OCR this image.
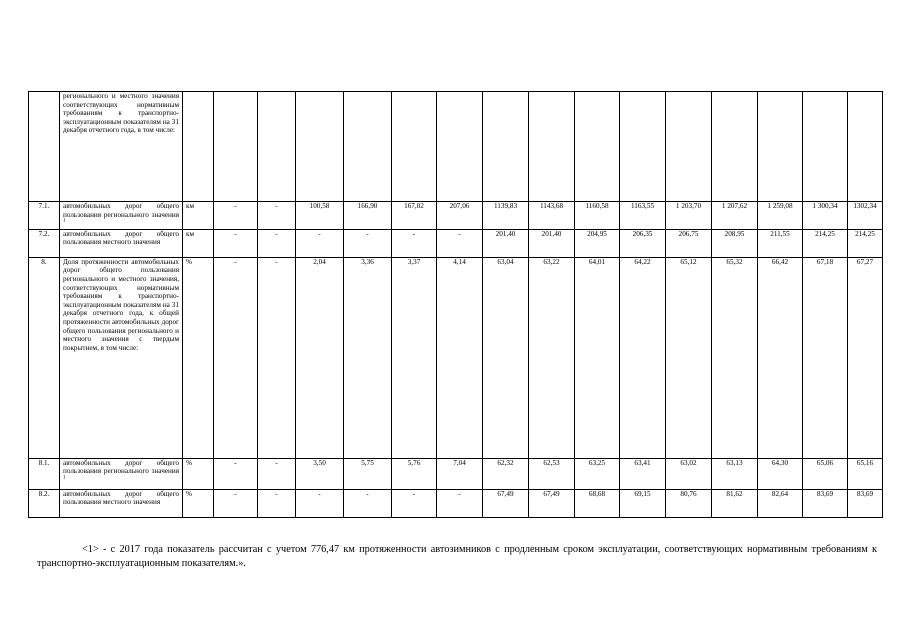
	регионального и местного значения соответствующих нормативным требованиям к транспортно-эксплуатационным показателям на 31 декабря отчетного года, в том числе:																
7.1.	автомобильных дорог общего пользования регионального значения $^1$	км	-	-	100,58	166,90	167,02	207,06	1139,83	1143,68	1160,58	1163,55	1 203,70	1 207,62	1 259,08	1 300,34	1302,34
7.2.	автомобильных дорог общего пользования местного значения	км	-	-	-	-	-	-	201,40	201,40	204,95	206,35	206,75	208,95	211,55	214,25	214,25
8.	Доля протяженности автомобильных дорог общего пользования регионального и местного значения, соответствующих нормативным требованиям к транспортно-эксплуатационным показателям на 31 декабря отчетного года, к общей протяженности автомобильных дорог общего пользования регионального и местного значения с твердым покрытием, в том числе:	%	-	-	2,04	3,36	3,37	4,14	63,04	63,22	64,01	64,22	65,12	65,32	66,42	67,18	67,27
8.1.	автомобильных дорог общего пользования регионального значения $^1$	%	-	-	3,50	5,75	5,76	7,04	62,32	62,53	63,25	63,41	63,02	63,13	64,30	65,06	65,16
8.2.	автомобильных дорог общего пользования местного значения	%	-	-	-	-	-	-	67,49	67,49	68,68	69,15	80,76	81,62	82,64	83,69	83,69
<1> - с 2017 года показатель рассчитан с учетом 776,47 км протяженности автозимников с продленным сроком эксплуатации, соответствующих нормативным требованиям к транспортно-эксплуатационным показателям.».
